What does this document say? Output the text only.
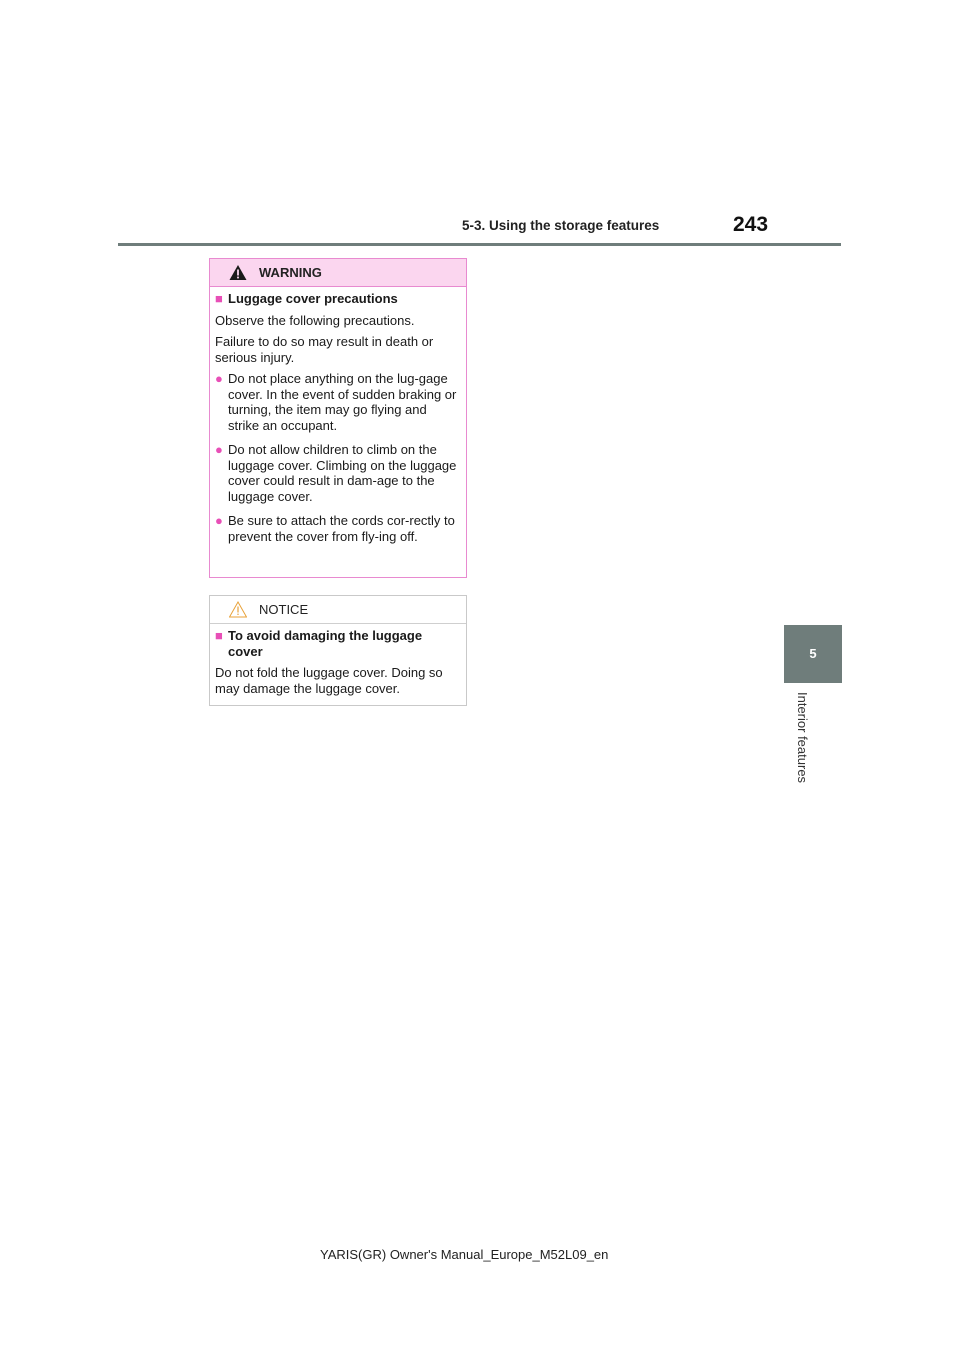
5-3. Using the storage features	243
5
Interior features
WARNING
■ Luggage cover precautions

Observe the following precautions.

Failure to do so may result in death or serious injury.

● Do not place anything on the lug-gage cover. In the event of sudden braking or turning, the item may go flying and strike an occupant.
● Do not allow children to climb on the luggage cover. Climbing on the luggage cover could result in dam-age to the luggage cover.
● Be sure to attach the cords cor-rectly to prevent the cover from fly-ing off.
NOTICE
■ To avoid damaging the luggage cover

Do not fold the luggage cover. Doing so may damage the luggage cover.

YARIS(GR) Owner's Manual_Europe_M52L09_en
